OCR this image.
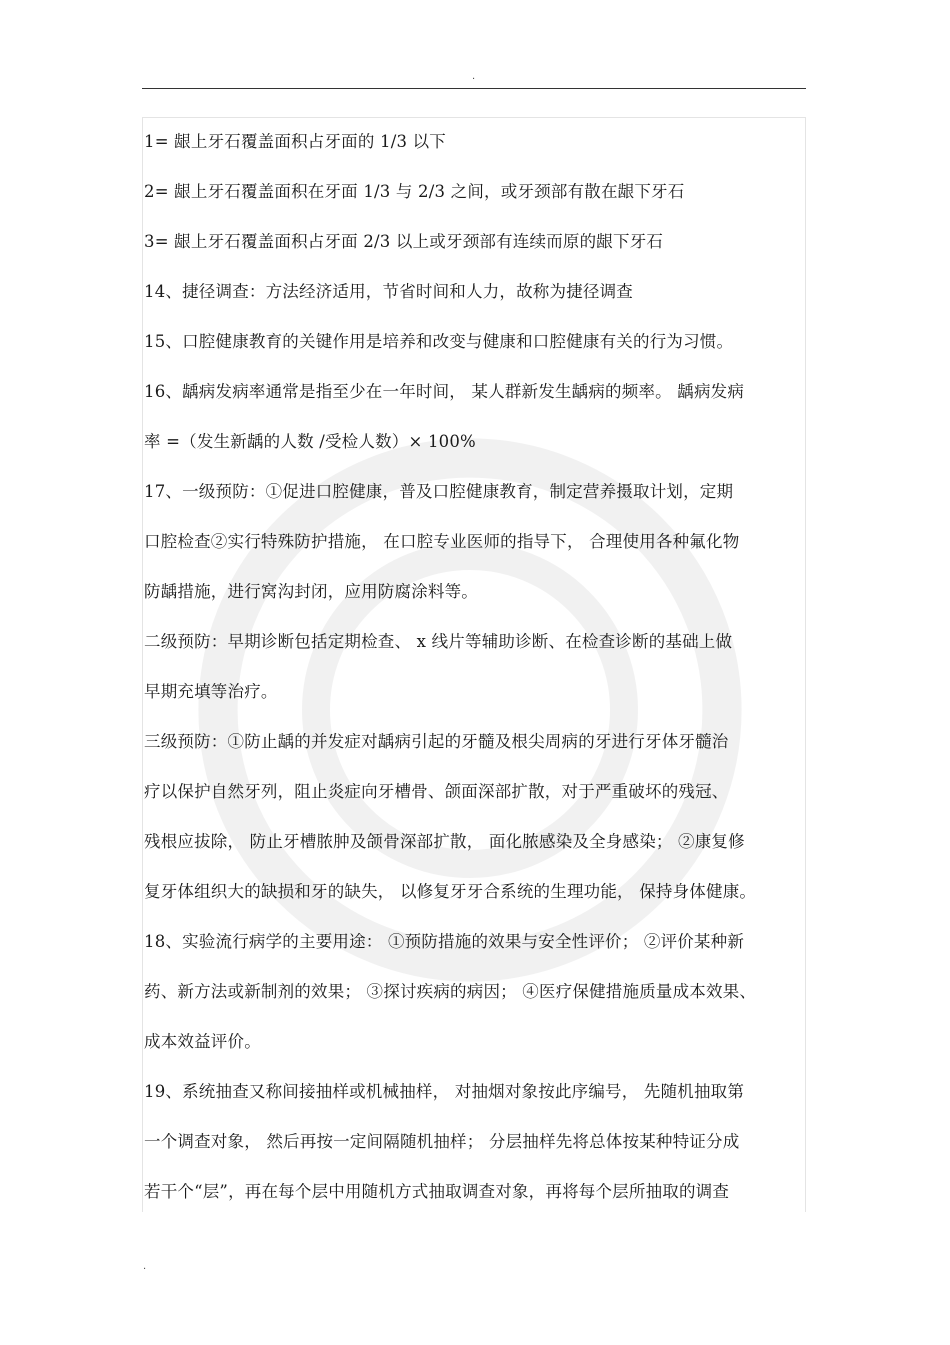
.
1= 龈上牙石覆盖面积占牙面的 1/3 以下
2= 龈上牙石覆盖面积在牙面 1/3 与 2/3 之间，或牙颈部有散在龈下牙石
3= 龈上牙石覆盖面积占牙面 2/3 以上或牙颈部有连续而原的龈下牙石
14、捷径调查：方法经济适用，节省时间和人力，故称为捷径调查
15、口腔健康教育的关键作用是培养和改变与健康和口腔健康有关的行为习惯。
16、龋病发病率通常是指至少在一年时间， 某人群新发生龋病的频率。 龋病发病
率 =（发生新龋的人数 /受检人数）× 100%
17、一级预防：①促进口腔健康，普及口腔健康教育，制定营养摄取计划，定期
口腔检查②实行特殊防护措施， 在口腔专业医师的指导下， 合理使用各种氟化物
防龋措施，进行窝沟封闭，应用防腐涂料等。
二级预防：早期诊断包括定期检查、 x 线片等辅助诊断、在检查诊断的基础上做
早期充填等治疗。
三级预防：①防止龋的并发症对龋病引起的牙髓及根尖周病的牙进行牙体牙髓治
疗以保护自然牙列，阻止炎症向牙槽骨、颌面深部扩散，对于严重破坏的残冠、
残根应拔除， 防止牙槽脓肿及颌骨深部扩散， 面化脓感染及全身感染； ②康复修
复牙体组织大的缺损和牙的缺失， 以修复牙牙合系统的生理功能， 保持身体健康。
18、实验流行病学的主要用途： ①预防措施的效果与安全性评价； ②评价某种新
药、新方法或新制剂的效果； ③探讨疾病的病因； ④医疗保健措施质量成本效果、
成本效益评价。
19、系统抽查又称间接抽样或机械抽样， 对抽烟对象按此序编号， 先随机抽取第
一个调查对象， 然后再按一定间隔随机抽样； 分层抽样先将总体按某种特证分成
若干个“层”，再在每个层中用随机方式抽取调查对象，再将每个层所抽取的调查
.
